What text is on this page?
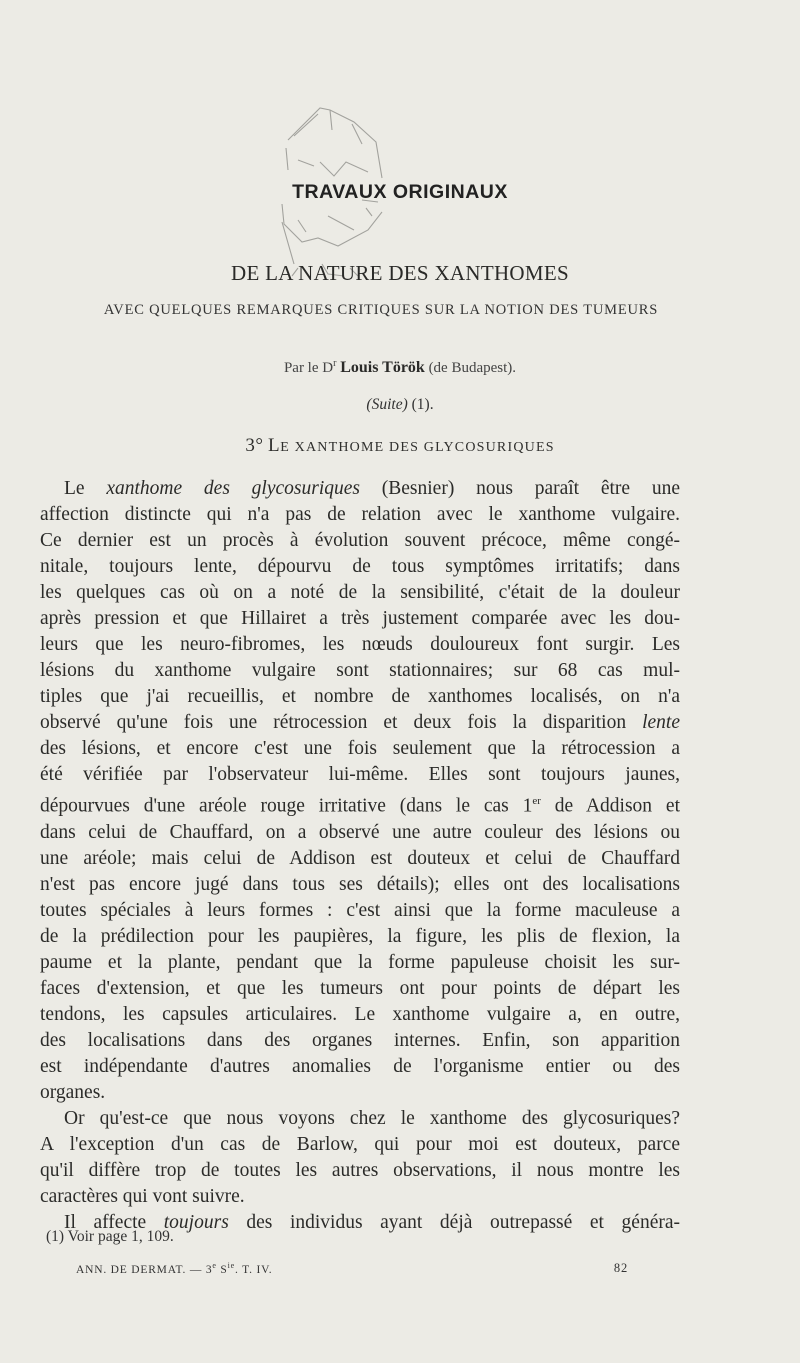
TRAVAUX ORIGINAUX
DE LA NATURE DES XANTHOMES
AVEC QUELQUES REMARQUES CRITIQUES SUR LA NOTION DES TUMEURS
Par le $D^r$ Louis Török (de Budapest).
(Suite) (1).
3° LE XANTHOME DES GLYCOSURIQUES
Le xanthome des glycosuriques (Besnier) nous paraît être une
affection distincte qui n'a pas de relation avec le xanthome vulgaire.
Ce dernier est un procès à évolution souvent précoce, même congé-
nitale, toujours lente, dépourvu de tous symptômes irritatifs; dans
les quelques cas où on a noté de la sensibilité, c'était de la douleur
après pression et que Hillairet a très justement comparée avec les dou-
leurs que les neuro-fibromes, les nœuds douloureux font surgir. Les
lésions du xanthome vulgaire sont stationnaires; sur 68 cas mul-
tiples que j'ai recueillis, et nombre de xanthomes localisés, on n'a
observé qu'une fois une rétrocession et deux fois la disparition lente
des lésions, et encore c'est une fois seulement que la rétrocession a
été vérifiée par l'observateur lui-même. Elles sont toujours jaunes,
dépourvues d'une aréole rouge irritative (dans le cas 1er de Addison et
dans celui de Chauffard, on a observé une autre couleur des lésions ou
une aréole; mais celui de Addison est douteux et celui de Chauffard
n'est pas encore jugé dans tous ses détails); elles ont des localisations
toutes spéciales à leurs formes : c'est ainsi que la forme maculeuse a
de la prédilection pour les paupières, la figure, les plis de flexion, la
paume et la plante, pendant que la forme papuleuse choisit les sur-
faces d'extension, et que les tumeurs ont pour points de départ les
tendons, les capsules articulaires. Le xanthome vulgaire a, en outre,
des localisations dans des organes internes. Enfin, son apparition
est indépendante d'autres anomalies de l'organisme entier ou des
organes.
Or qu'est-ce que nous voyons chez le xanthome des glycosuriques?
A l'exception d'un cas de Barlow, qui pour moi est douteux, parce
qu'il diffère trop de toutes les autres observations, il nous montre les
caractères qui vont suivre.
Il affecte toujours des individus ayant déjà outrepassé et généra-
(1) Voir page 1, 109.
ANN. DE DERMAT. — 3e $S^{ie}$. T. IV.	82
